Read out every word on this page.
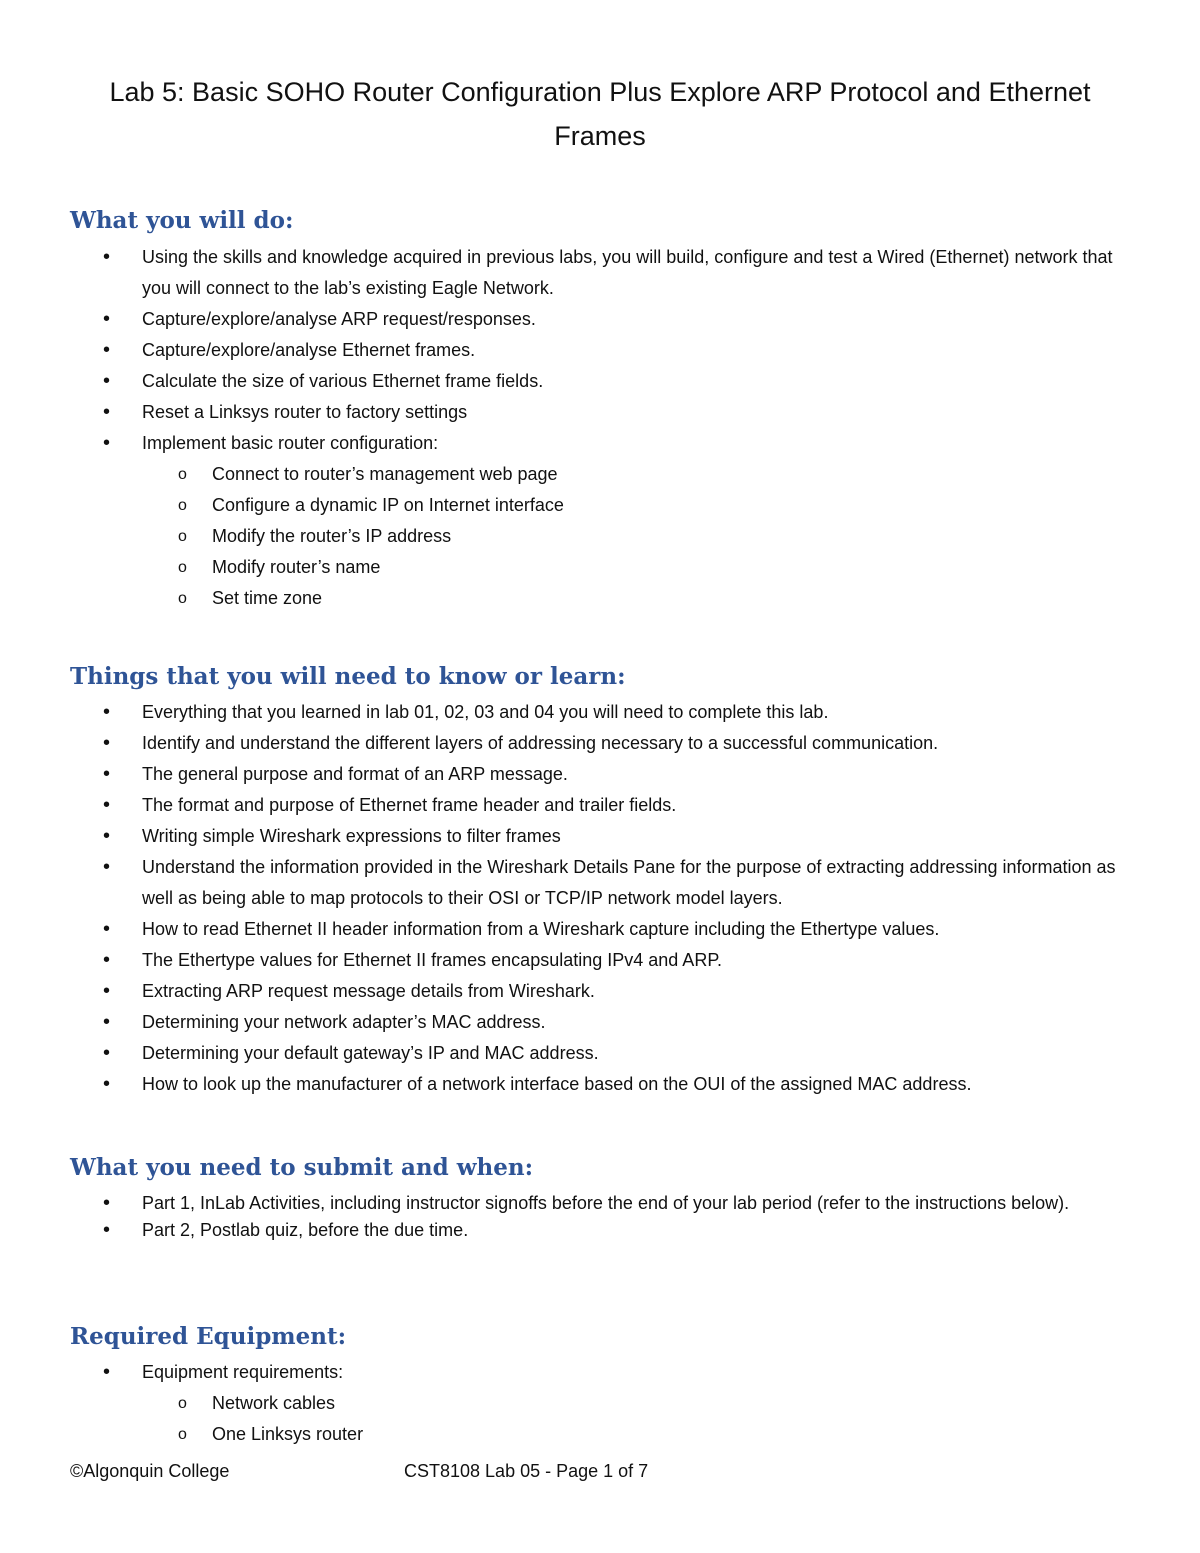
Lab 5: Basic SOHO Router Configuration Plus Explore ARP Protocol and Ethernet Frames
What you will do:
• Using the skills and knowledge acquired in previous labs, you will build, configure and test a Wired (Ethernet) network that you will connect to the lab’s existing Eagle Network.
• Capture/explore/analyse ARP request/responses.
• Capture/explore/analyse Ethernet frames.
• Calculate the size of various Ethernet frame fields.
• Reset a Linksys router to factory settings
• Implement basic router configuration:
o Connect to router’s management web page
o Configure a dynamic IP on Internet interface
o Modify the router’s IP address
o Modify router’s name
o Set time zone
Things that you will need to know or learn:
• Everything that you learned in lab 01, 02, 03 and 04 you will need to complete this lab.
• Identify and understand the different layers of addressing necessary to a successful communication.
• The general purpose and format of an ARP message.
• The format and purpose of Ethernet frame header and trailer fields.
• Writing simple Wireshark expressions to filter frames
• Understand the information provided in the Wireshark Details Pane for the purpose of extracting addressing information as well as being able to map protocols to their OSI or TCP/IP network model layers.
• How to read Ethernet II header information from a Wireshark capture including the Ethertype values.
• The Ethertype values for Ethernet II frames encapsulating IPv4 and ARP.
• Extracting ARP request message details from Wireshark.
• Determining your network adapter’s MAC address.
• Determining your default gateway’s IP and MAC address.
• How to look up the manufacturer of a network interface based on the OUI of the assigned MAC address.
What you need to submit and when:
• Part 1, InLab Activities, including instructor signoffs before the end of your lab period (refer to the instructions below).
• Part 2, Postlab quiz, before the due time.
Required Equipment:
• Equipment requirements:
o Network cables
o One Linksys router
©Algonquin College	CST8108 Lab 05 - Page 1 of 7
